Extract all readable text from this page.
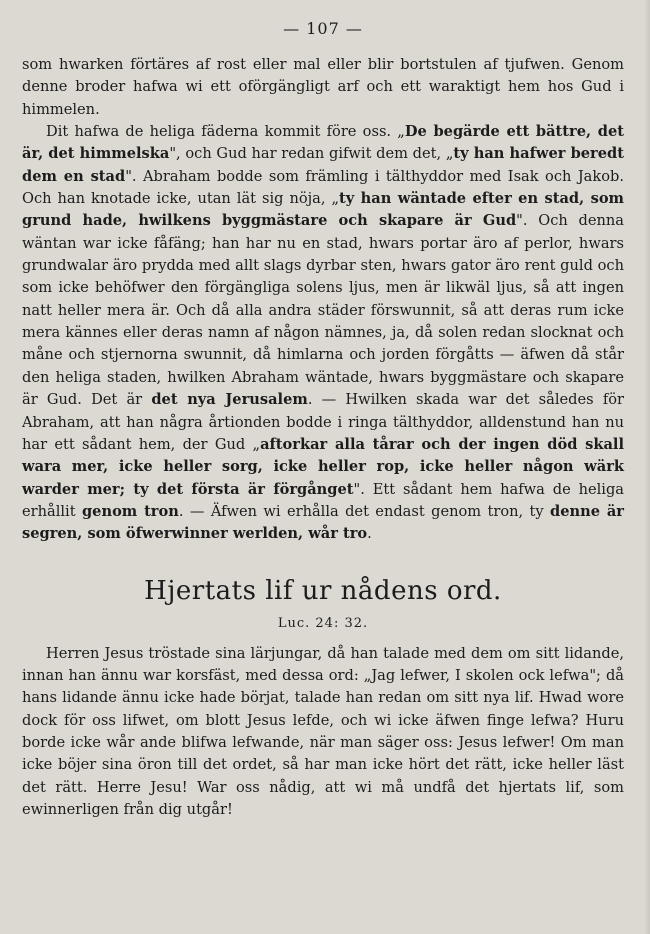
— 107 —

som hwarken förtäres af rost eller mal eller blir bortstulen af tjufwen. Genom denne broder hafwa wi ett oförgängligt arf och ett waraktigt hem hos Gud i himmelen.

Dit hafwa de heliga fäderna kommit före oss. „De begärde ett bättre, det är, det himmelska", och Gud har redan gifwit dem det, „ty han hafwer beredt dem en stad". Abraham bodde som främling i tälthyddor med Isak och Jakob. Och han knotade icke, utan lät sig nöja, „ty han wäntade efter en stad, som grund hade, hwilkens byggmästare och skapare är Gud". Och denna wäntan war icke fåfäng; han har nu en stad, hwars portar äro af perlor, hwars grundwalar äro prydda med allt slags dyrbar sten, hwars gator äro rent guld och som icke behöfwer den förgängliga solens ljus, men är likwäl ljus, så att ingen natt heller mera är. Och då alla andra städer förswunnit, så att deras rum icke mera kännes eller deras namn af någon nämnes, ja, då solen redan slocknat och måne och stjernorna swunnit, då himlarna och jorden förgåtts — äfwen då står den heliga staden, hwilken Abraham wäntade, hwars byggmästare och skapare är Gud. Det är det nya Jerusalem. — Hwilken skada war det således för Abraham, att han några årtionden bodde i ringa tälthyddor, alldenstund han nu har ett sådant hem, der Gud „aftorkar alla tårar och der ingen död skall wara mer, icke heller sorg, icke heller rop, icke heller någon wärk warder mer; ty det första är förgånget". Ett sådant hem hafwa de heliga erhållit genom tron. — Äfwen wi erhålla det endast genom tron, ty denne är segren, som öfwerwinner werlden, wår tro.

Hjertats lif ur nådens ord.
Luc. 24: 32.

Herren Jesus tröstade sina lärjungar, då han talade med dem om sitt lidande, innan han ännu war korsfäst, med dessa ord: „Jag lefwer, I skolen ock lefwa"; då hans lidande ännu icke hade börjat, talade han redan om sitt nya lif. Hwad wore dock för oss lifwet, om blott Jesus lefde, och wi icke äfwen finge lefwa? Huru borde icke wår ande blifwa lefwande, när man säger oss: Jesus lefwer! Om man icke böjer sina öron till det ordet, så har man icke hört det rätt, icke heller läst det rätt. Herre Jesu! War oss nådig, att wi må undfå det hjertats lif, som ewinnerligen från dig utgår!
